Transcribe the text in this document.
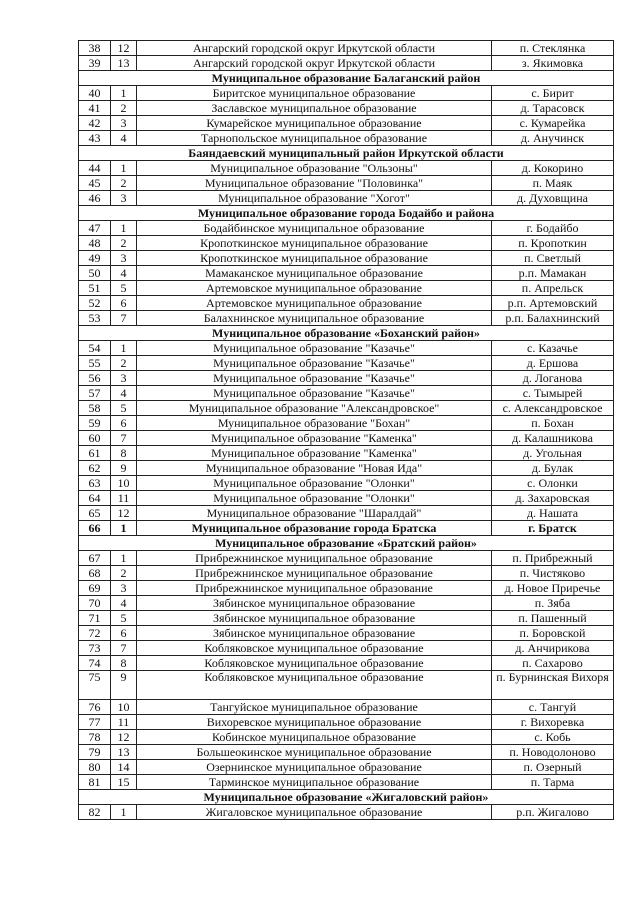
38	12	Ангарский городской округ Иркутской области	п. Стеклянка
39	13	Ангарский городской округ Иркутской области	з. Якимовка
Муниципальное образование Балаганский район			
40	1	Биритское муниципальное образование	с. Бирит
41	2	Заславское муниципальное образование	д. Тарасовск
42	3	Кумарейское муниципальное образование	с. Кумарейка
43	4	Тарнопольское муниципальное образование	д. Анучинск
Баяндаевский муниципальный район Иркутской области			
44	1	Муниципальное образование "Ользоны"	д. Кокорино
45	2	Муниципальное образование "Половинка"	п. Маяк
46	3	Муниципальное образование "Хогот"	д. Духовщина
Муниципальное образование города Бодайбо и района			
47	1	Бодайбинское муниципальное образование	г. Бодайбо
48	2	Кропоткинское муниципальное образование	п. Кропоткин
49	3	Кропоткинское муниципальное образование	п. Светлый
50	4	Мамаканское муниципальное образование	р.п. Мамакан
51	5	Артемовское муниципальное образование	п. Апрельск
52	6	Артемовское муниципальное образование	р.п. Артемовский
53	7	Балахнинское муниципальное образование	р.п. Балахнинский
Муниципальное образование «Боханский район»			
54	1	Муниципальное образование "Казачье"	с. Казачье
55	2	Муниципальное образование "Казачье"	д. Ершова
56	3	Муниципальное образование "Казачье"	д. Логанова
57	4	Муниципальное образование "Казачье"	с. Тымырей
58	5	Муниципальное образование "Александровское"	с. Александровское
59	6	Муниципальное образование "Бохан"	п. Бохан
60	7	Муниципальное образование "Каменка"	д. Калашникова
61	8	Муниципальное образование "Каменка"	д. Угольная
62	9	Муниципальное образование "Новая Ида"	д. Булак
63	10	Муниципальное образование "Олонки"	с. Олонки
64	11	Муниципальное образование "Олонки"	д. Захаровская
65	12	Муниципальное образование "Шаралдай"	д. Нашата
66	1	Муниципальное образование города Братска	г. Братск
Муниципальное образование «Братский район»			
67	1	Прибрежнинское муниципальное образование	п. Прибрежный
68	2	Прибрежнинское муниципальное образование	п. Чистяково
69	3	Прибрежнинское муниципальное образование	д. Новое Приречье
70	4	Зябинское муниципальное образование	п. Зяба
71	5	Зябинское муниципальное образование	п. Пашенный
72	6	Зябинское муниципальное образование	п. Боровской
73	7	Кобляковское муниципальное образование	д. Анчирикова
74	8	Кобляковское муниципальное образование	п. Сахарово
75	9	Кобляковское муниципальное образование	п. Бурнинская Вихоря
76	10	Тангуйское муниципальное образование	с. Тангуй
77	11	Вихоревское муниципальное образование	г. Вихоревка
78	12	Кобинское муниципальное образование	с. Кобь
79	13	Большеокинское муниципальное образование	п. Новодолоново
80	14	Озернинское муниципальное образование	п. Озерный
81	15	Тарминское муниципальное образование	п. Тарма
Муниципальное образование «Жигаловский район»			
82	1	Жигаловское муниципальное образование	р.п. Жигалово
